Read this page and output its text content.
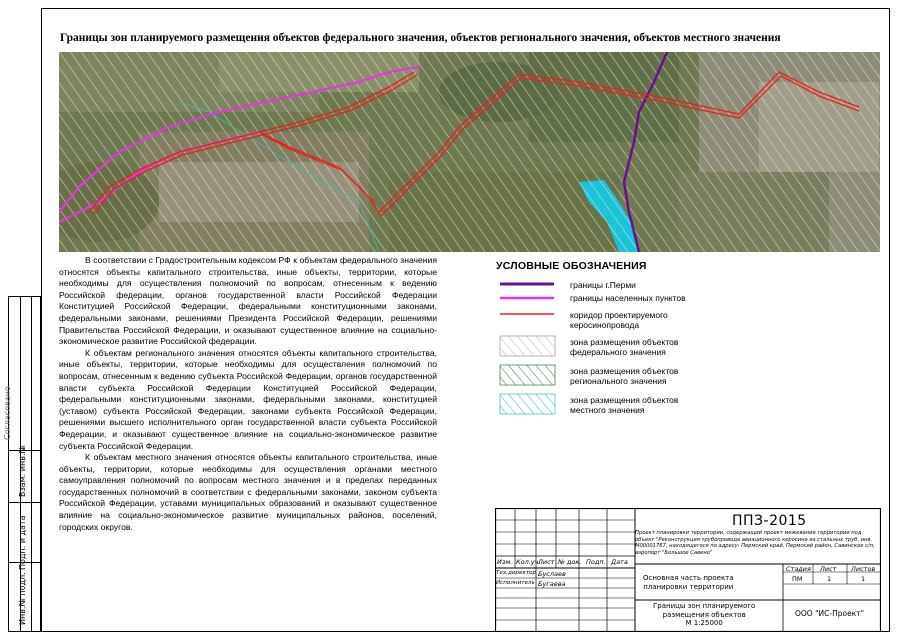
Инв.№ подл.
Подп. и дата
Взам. инв.№
Согласовано
Границы зон планируемого размещения объектов федерального значения, объектов регионального значения, объектов местного значения

В соответствии с Градостроительным кодексом РФ к объектам федерального значения относятся объекты капитального строительства, иные объекты, территории, которые необходимы для осуществления полномочий по вопросам, отнесенным к ведению Российской федерации, органов государственной власти Российской Федерации Конституцией Российской Федерации, федеральными конституционными законами, федеральными законами, решениями Президента Российской Федерации, решениями Правительства Российской Федерации, и оказывают существенное влияние на социально-экономическое развитие Российской федерации.

К объектам регионального значения относятся объекты капитального строительства, иные объекты, территории, которые необходимы для осуществления полномочий по вопросам, отнесенным к ведению субъекта Российской Федерации, органов государственной власти субъекта Российской Федерации Конституцией Российской Федерации, федеральными конституционными законами, федеральными законами, конституцией (уставом) субъекта Российской Федерации, законами субъекта Российской Федерации, решениями высшего исполнительного орган государственной власти субъекта Российской Федерации, и оказывают существенное влияние на социально-экономическое развитие субъекта Российской Федерации.

К объектам местного значения относятся объекты капитального строительства, иные объекты, территории, которые необходимы для осуществления органами местного самоуправления полномочий по вопросам местного значения и в пределах переданных государственных полномочий в соответствии с федеральными законами, законом субъекта Российской Федерации, уставами муниципальных образований и оказывают существенное влияние на социально-экономическое развитие муниципальных районов, поселений, городских округов.

УСЛОВНЫЕ ОБОЗНАЧЕНИЯ
границы г.Перми
границы населенных пунктов
коридор проектируемого
керосинопровода
зона размещения объектов
федерального значения
зона размещения объектов
регионального значения
зона размещения объектов
местного значения
Изм. Кол.уч.
Лист № док. Подп. Дата
Тех.директор Буслаев
Исполнитель Бугаева
Стадия Лист Листов
ПМ	1	1
Основная часть проекта
планировки территории
Границы зон планируемого
размещения объектов
М 1:25000
ООО "ИС-Проект"
ППЗ-2015
Проект планировки территории, содержащий проект межевания территории под объект "Реконструкция трубопровода авиационного керосина из стальных труб, инв. М00001767, находящегося по адресу: Пермский край, Пермский район, Савинское с/п, аэропорт "Большое Савино"
